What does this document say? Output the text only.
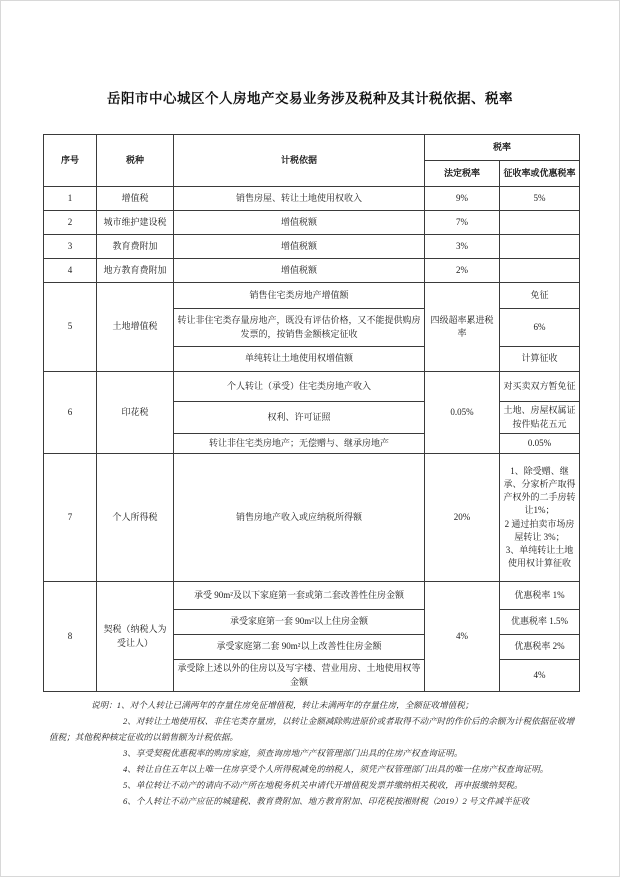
岳阳市中心城区个人房地产交易业务涉及税种及其计税依据、税率
序号	税种	计税依据	税率	
			法定税率	征收率或优惠税率
1	增值税	销售房屋、转让土地使用权收入	9%	5%
2	城市维护建设税	增值税额	7%	
3	教育费附加	增值税额	3%	
4	地方教育费附加	增值税额	2%	
5	土地增值税	销售住宅类房地产增值额	四级超率累进税率	免征
		转让非住宅类存量房地产，既没有评估价格，又不能提供购房发票的，按销售金额核定征收		6%
		单纯转让土地使用权增值额		计算征收
6	印花税	个人转让（承受）住宅类房地产收入	0.05%	对买卖双方暂免征
		权利、许可证照		土地、房屋权属证按件贴花五元
		转让非住宅类房地产；无偿赠与、继承房地产		0.05%
7	个人所得税	销售房地产收入或应纳税所得额	20%	1、除受赠、继承、分家析产取得产权外的二手房转让1%；
2 通过拍卖市场房屋转让 3%；
3、单纯转让土地使用权计算征收

8	契税（纳税人为受让人）	承受 90m²及以下家庭第一套或第二套改善性住房金额	4%	优惠税率 1%
		承受家庭第一套 90m²以上住房金额		优惠税率 1.5%
		承受家庭第二套 90m²以上改善性住房金额		优惠税率 2%
		承受除上述以外的住房以及写字楼、营业用房、土地使用权等金额		4%

说明：1、对个人转让已满两年的存量住房免征增值税，转让未满两年的存量住房，全额征收增值税；

2、对转让土地使用权、非住宅类存量房，以转让金额减除购进原价或者取得不动产时的作价后的余额为计税依据征收增值税；其他税种核定征收的以销售额为计税依据。

3、享受契税优惠税率的购房家庭，须查询房地产产权管理部门出具的住房产权查询证明。

4、转让自住五年以上唯一住房享受个人所得税减免的纳税人，须凭产权管理部门出具的唯一住房产权查询证明。

5、单位转让不动产的请向不动产所在地税务机关申请代开增值税发票并缴纳相关税收，再申报缴纳契税。

6、个人转让不动产应征的城建税、教育费附加、地方教育附加、印花税按湘财税（2019）2 号文件减半征收
